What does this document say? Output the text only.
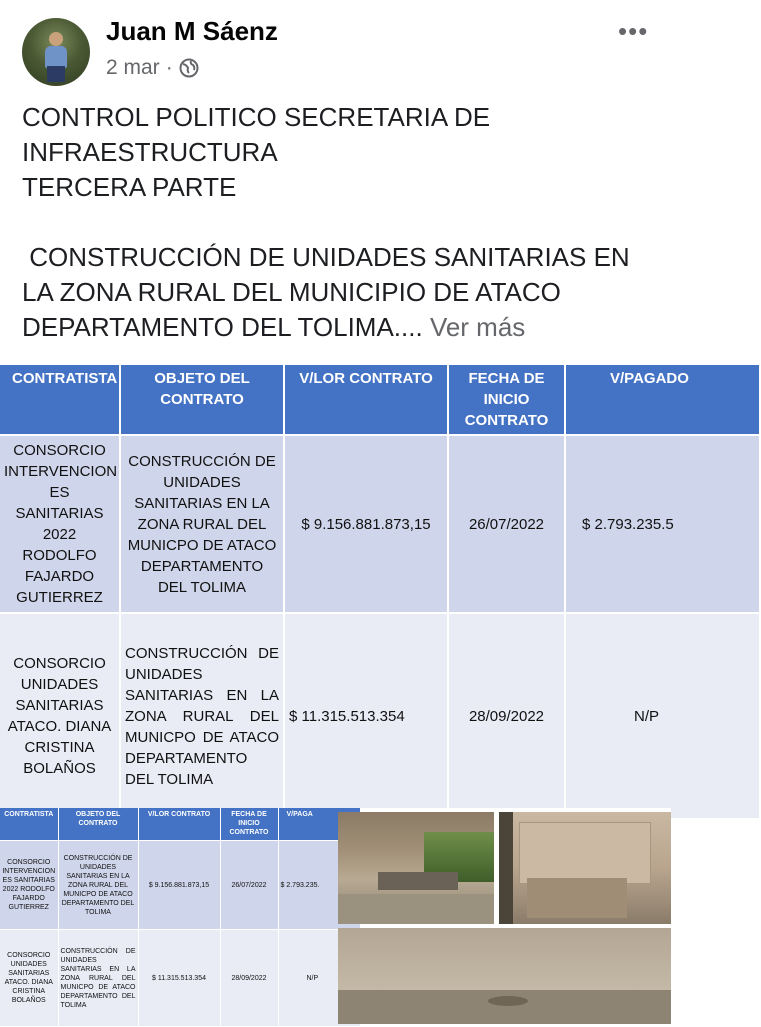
Juan M Sáenz
2 mar ·
•••

CONTROL POLITICO SECRETARIA DE

INFRAESTRUCTURA

TERCERA PARTE

CONSTRUCCIÓN DE UNIDADES SANITARIAS EN

LA ZONA RURAL DEL MUNICIPIO DE ATACO

DEPARTAMENTO DEL TOLIMA.... Ver más

CONTRATISTA	OBJETO DEL CONTRATO	V/LOR CONTRATO	FECHA DE INICIO CONTRATO	V/PAGADO
CONSORCIO INTERVENCION ES SANITARIAS 2022 RODOLFO FAJARDO GUTIERREZ	CONSTRUCCIÓN DE UNIDADES SANITARIAS EN LA ZONA RURAL DEL MUNICPO DE ATACO DEPARTAMENTO DEL TOLIMA	$ 9.156.881.873,15	26/07/2022	$ 2.793.235.5
CONSORCIO UNIDADES SANITARIAS ATACO. DIANA CRISTINA BOLAÑOS	CONSTRUCCIÓN DE UNIDADES SANITARIAS EN LA ZONA RURAL DEL MUNICPO DE ATACO DEPARTAMENTO DEL TOLIMA	$ 11.315.513.354	28/09/2022	N/P
CONTRATISTA	OBJETO DEL CONTRATO	V/LOR CONTRATO	FECHA DE INICIO CONTRATO	V/PAGA
CONSORCIO INTERVENCION ES SANITARIAS 2022 RODOLFO FAJARDO GUTIERREZ	CONSTRUCCIÓN DE UNIDADES SANITARIAS EN LA ZONA RURAL DEL MUNICPO DE ATACO DEPARTAMENTO DEL TOLIMA	$ 9.156.881.873,15	26/07/2022	$ 2.793.235.
CONSORCIO UNIDADES SANITARIAS ATACO. DIANA CRISTINA BOLAÑOS	CONSTRUCCIÓN DE UNIDADES SANITARIAS EN LA ZONA RURAL DEL MUNICPO DE ATACO DEPARTAMENTO DEL TOLIMA	$ 11.315.513.354	28/09/2022	N/P
